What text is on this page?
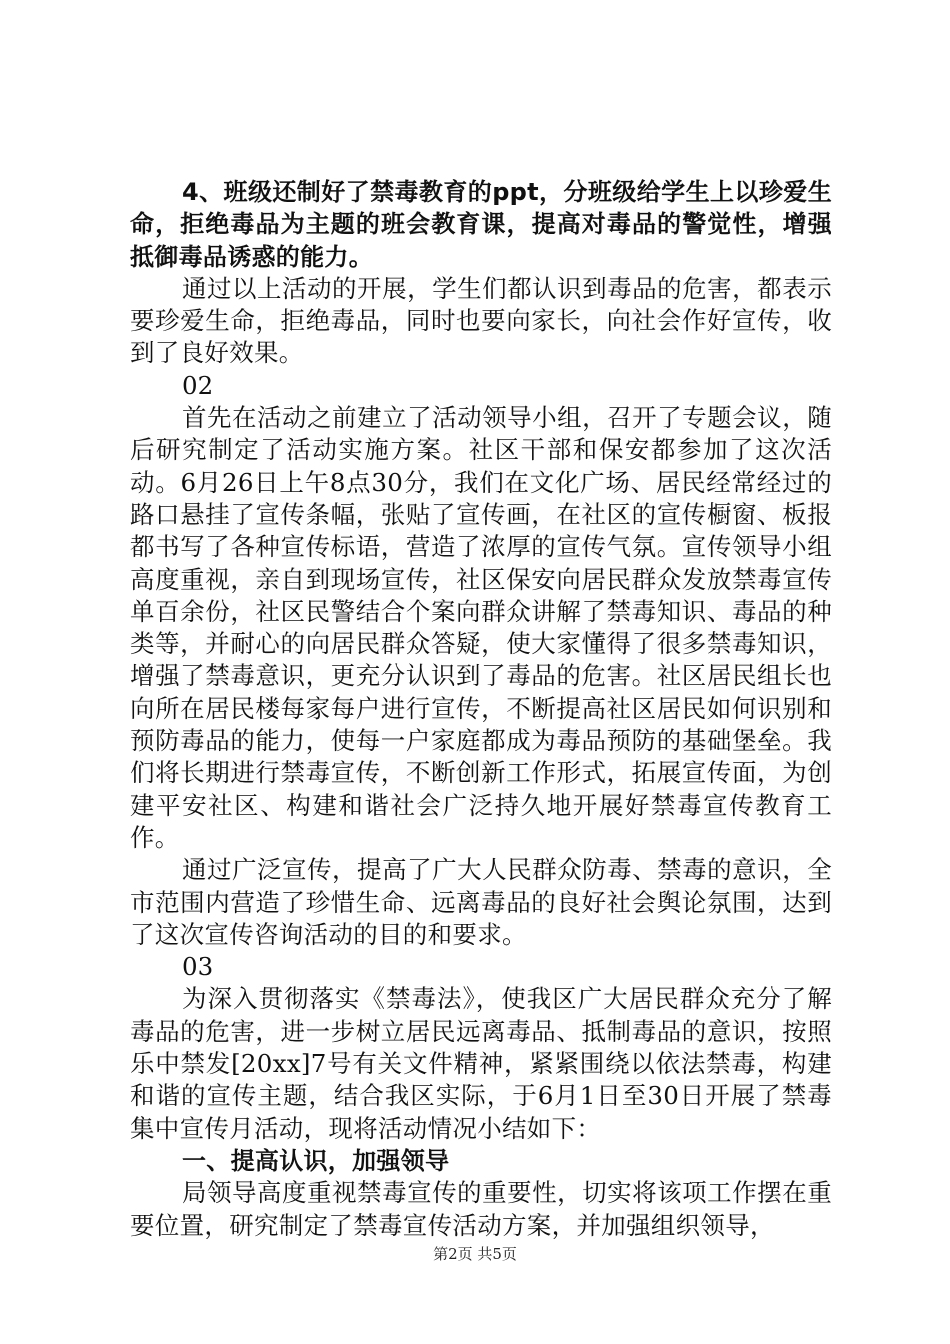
4、班级还制好了禁毒教育的ppt，分班级给学生上以珍爱生命，拒绝毒品为主题的班会教育课，提高对毒品的警觉性，增强抵御毒品诱惑的能力。

通过以上活动的开展，学生们都认识到毒品的危害，都表示要珍爱生命，拒绝毒品，同时也要向家长，向社会作好宣传，收到了良好效果。

02

首先在活动之前建立了活动领导小组，召开了专题会议，随后研究制定了活动实施方案。社区干部和保安都参加了这次活动。6月26日上午8点30分，我们在文化广场、居民经常经过的路口悬挂了宣传条幅，张贴了宣传画，在社区的宣传橱窗、板报都书写了各种宣传标语，营造了浓厚的宣传气氛。宣传领导小组高度重视，亲自到现场宣传，社区保安向居民群众发放禁毒宣传单百余份，社区民警结合个案向群众讲解了禁毒知识、毒品的种类等，并耐心的向居民群众答疑，使大家懂得了很多禁毒知识，增强了禁毒意识，更充分认识到了毒品的危害。社区居民组长也向所在居民楼每家每户进行宣传，不断提高社区居民如何识别和预防毒品的能力，使每一户家庭都成为毒品预防的基础堡垒。我们将长期进行禁毒宣传，不断创新工作形式，拓展宣传面，为创建平安社区、构建和谐社会广泛持久地开展好禁毒宣传教育工作。

通过广泛宣传，提高了广大人民群众防毒、禁毒的意识，全市范围内营造了珍惜生命、远离毒品的良好社会舆论氛围，达到了这次宣传咨询活动的目的和要求。

03

为深入贯彻落实《禁毒法》，使我区广大居民群众充分了解毒品的危害，进一步树立居民远离毒品、抵制毒品的意识，按照乐中禁发[20xx]7号有关文件精神，紧紧围绕以依法禁毒，构建和谐的宣传主题，结合我区实际，于6月1日至30日开展了禁毒集中宣传月活动，现将活动情况小结如下：

一、提高认识，加强领导

局领导高度重视禁毒宣传的重要性，切实将该项工作摆在重要位置，研究制定了禁毒宣传活动方案，并加强组织领导，

第2页 共5页
